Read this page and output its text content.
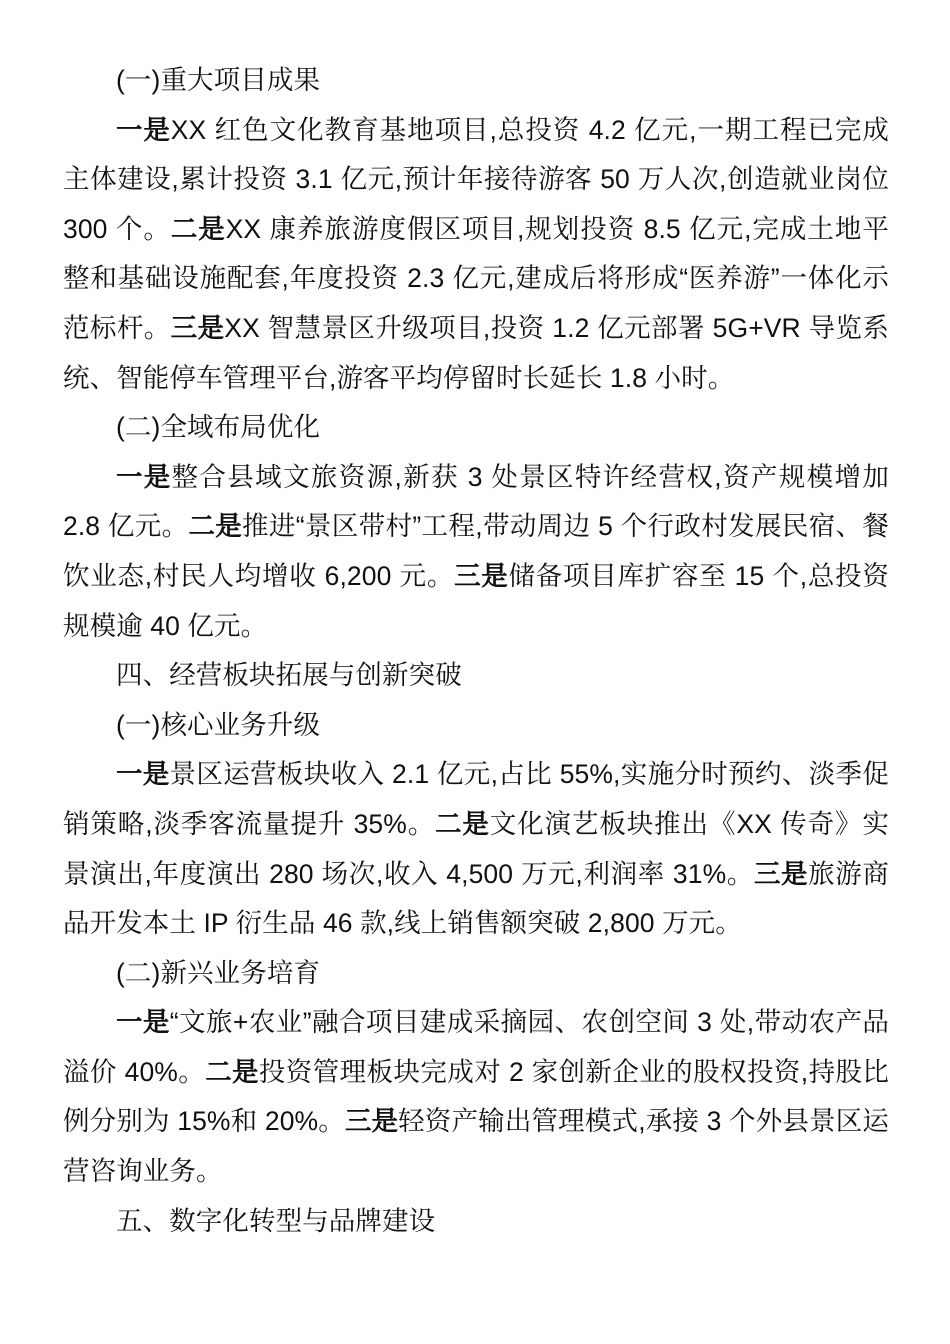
(一)重大项目成果

一是XX 红色文化教育基地项目,总投资 4.2 亿元,一期工程已完成主体建设,累计投资 3.1 亿元,预计年接待游客 50 万人次,创造就业岗位 300 个。二是XX 康养旅游度假区项目,规划投资 8.5 亿元,完成土地平整和基础设施配套,年度投资 2.3 亿元,建成后将形成“医养游”一体化示范标杆。三是XX 智慧景区升级项目,投资 1.2 亿元部署 5G+VR 导览系统、智能停车管理平台,游客平均停留时长延长 1.8 小时。

(二)全域布局优化

一是整合县域文旅资源,新获 3 处景区特许经营权,资产规模增加 2.8 亿元。二是推进“景区带村”工程,带动周边 5 个行政村发展民宿、餐饮业态,村民人均增收 6,200 元。三是储备项目库扩容至 15 个,总投资规模逾 40 亿元。

四、经营板块拓展与创新突破

(一)核心业务升级

一是景区运营板块收入 2.1 亿元,占比 55%,实施分时预约、淡季促销策略,淡季客流量提升 35%。二是文化演艺板块推出《XX 传奇》实景演出,年度演出 280 场次,收入 4,500 万元,利润率 31%。三是旅游商品开发本土 IP 衍生品 46 款,线上销售额突破 2,800 万元。

(二)新兴业务培育

一是“文旅+农业”融合项目建成采摘园、农创空间 3 处,带动农产品溢价 40%。二是投资管理板块完成对 2 家创新企业的股权投资,持股比例分别为 15%和 20%。三是轻资产输出管理模式,承接 3 个外县景区运营咨询业务。

五、数字化转型与品牌建设
